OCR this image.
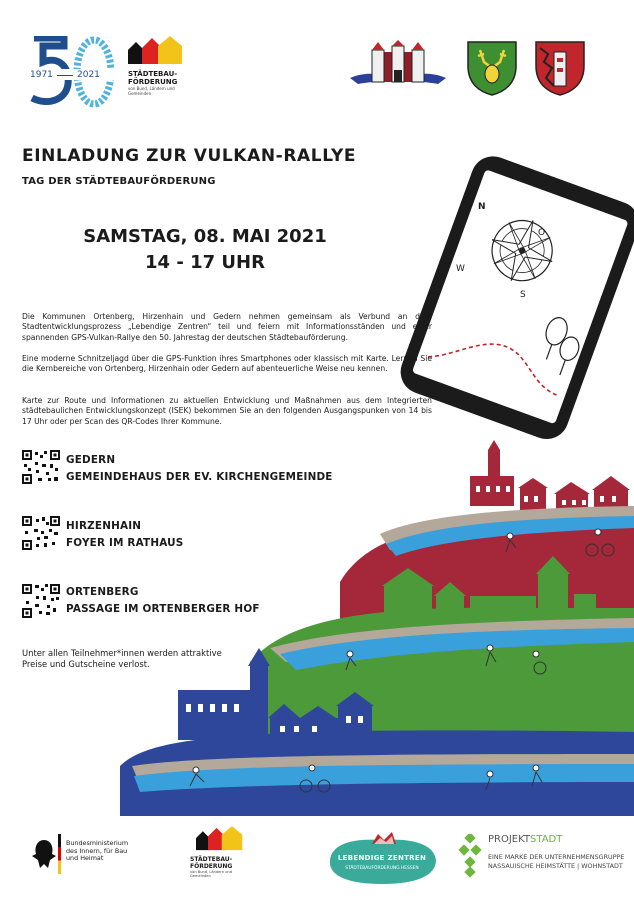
1971	2021	STÄDTEBAU-
FÖRDERUNG
von Bund, Ländern und Gemeinden
EINLADUNG ZUR VULKAN-RALLYE
TAG DER STÄDTEBAUFÖRDERUNG
SAMSTAG, 08. MAI 2021
14 - 17 UHR
N
O
S
W
Die Kommunen Ortenberg, Hirzenhain und Gedern nehmen gemeinsam als Verbund an dem Stadtentwicklungsprozess „Lebendige Zentren“ teil und feiern mit Informationsständen und einer spannenden GPS-Vulkan-Rallye den 50. Jahrestag der deutschen Städtebauförderung.
Eine moderne Schnitzeljagd über die GPS-Funktion ihres Smartphones oder klassisch mit Karte. Lernen Sie die Kernbereiche von Ortenberg, Hirzenhain oder Gedern auf abenteuerliche Weise neu kennen.
Karte zur Route und Informationen zu aktuellen Entwicklung und Maßnahmen aus dem Integrierten städtebaulichen Entwicklungskonzept (ISEK) bekommen Sie an den folgenden Ausgangspunken von 14 bis 17 Uhr oder per Scan des QR-Codes Ihrer Kommune.
GEDERN
GEMEINDEHAUS DER EV. KIRCHENGEMEINDE
HIRZENHAIN
FOYER IM RATHAUS
ORTENBERG
PASSAGE IM ORTENBERGER HOF
Unter allen Teilnehmer*innen werden attraktive Preise und Gutscheine verlost.
Bundesministerium
des Innern, für Bau
und Heimat	STÄDTEBAU-
FÖRDERUNG
von Bund, Ländern und Gemeinden
LEBENDIGE ZENTREN
STÄDTEBAUFÖRDERUNG HESSEN
PROJEKTSTADT
EINE MARKE DER UNTERNEHMENSGRUPPE
NASSAUISCHE HEIMSTÄTTE | WOHNSTADT
